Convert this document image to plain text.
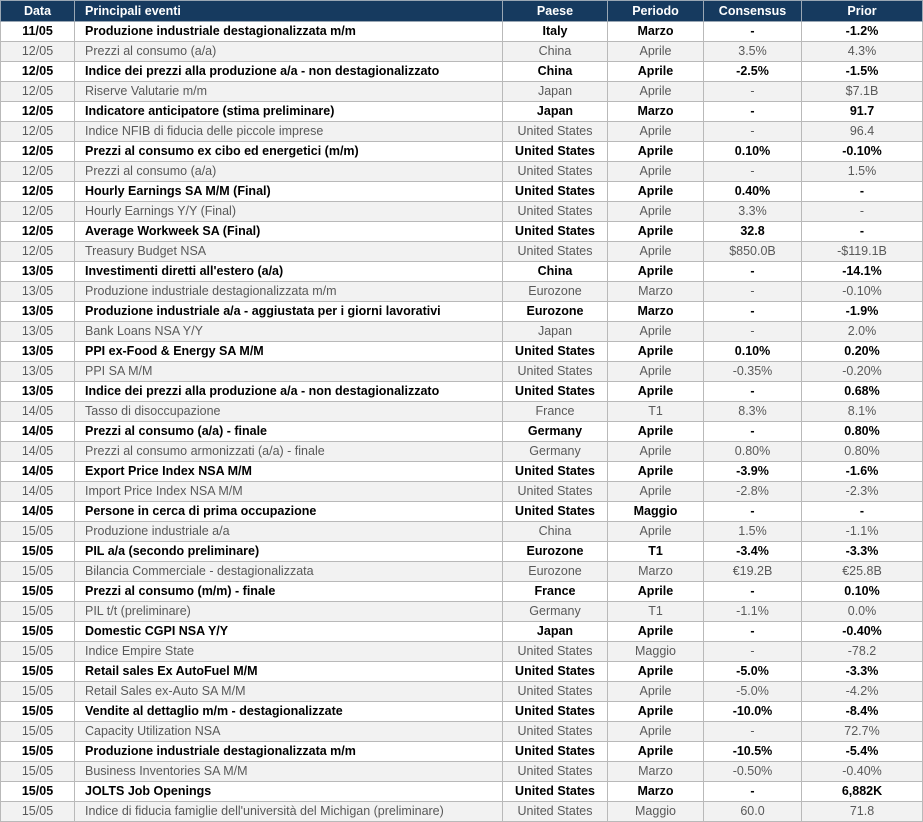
Data	Principali eventi	Paese	Periodo	Consensus	Prior
11/05	Produzione industriale destagionalizzata m/m	Italy	Marzo	-	-1.2%
12/05	Prezzi al consumo (a/a)	China	Aprile	3.5%	4.3%
12/05	Indice dei prezzi alla produzione a/a - non destagionalizzato	China	Aprile	-2.5%	-1.5%
12/05	Riserve Valutarie m/m	Japan	Aprile	-	$7.1B
12/05	Indicatore anticipatore (stima preliminare)	Japan	Marzo	-	91.7
12/05	Indice NFIB di fiducia delle piccole imprese	United States	Aprile	-	96.4
12/05	Prezzi al consumo ex cibo ed energetici (m/m)	United States	Aprile	0.10%	-0.10%
12/05	Prezzi al consumo (a/a)	United States	Aprile	-	1.5%
12/05	Hourly Earnings SA M/M (Final)	United States	Aprile	0.40%	-
12/05	Hourly Earnings Y/Y (Final)	United States	Aprile	3.3%	-
12/05	Average Workweek SA (Final)	United States	Aprile	32.8	-
12/05	Treasury Budget NSA	United States	Aprile	$850.0B	-$119.1B
13/05	Investimenti diretti all'estero (a/a)	China	Aprile	-	-14.1%
13/05	Produzione industriale destagionalizzata m/m	Eurozone	Marzo	-	-0.10%
13/05	Produzione industriale a/a - aggiustata per i giorni lavorativi	Eurozone	Marzo	-	-1.9%
13/05	Bank Loans NSA Y/Y	Japan	Aprile	-	2.0%
13/05	PPI ex-Food & Energy SA M/M	United States	Aprile	0.10%	0.20%
13/05	PPI SA M/M	United States	Aprile	-0.35%	-0.20%
13/05	Indice dei prezzi alla produzione a/a - non destagionalizzato	United States	Aprile	-	0.68%
14/05	Tasso di disoccupazione	France	T1	8.3%	8.1%
14/05	Prezzi al consumo (a/a) - finale	Germany	Aprile	-	0.80%
14/05	Prezzi al consumo armonizzati (a/a) - finale	Germany	Aprile	0.80%	0.80%
14/05	Export Price Index NSA M/M	United States	Aprile	-3.9%	-1.6%
14/05	Import Price Index NSA M/M	United States	Aprile	-2.8%	-2.3%
14/05	Persone in cerca di prima occupazione	United States	Maggio	-	-
15/05	Produzione industriale a/a	China	Aprile	1.5%	-1.1%
15/05	PIL a/a (secondo preliminare)	Eurozone	T1	-3.4%	-3.3%
15/05	Bilancia Commerciale - destagionalizzata	Eurozone	Marzo	€19.2B	€25.8B
15/05	Prezzi al consumo (m/m) - finale	France	Aprile	-	0.10%
15/05	PIL t/t (preliminare)	Germany	T1	-1.1%	0.0%
15/05	Domestic CGPI NSA Y/Y	Japan	Aprile	-	-0.40%
15/05	Indice Empire State	United States	Maggio	-	-78.2
15/05	Retail sales Ex AutoFuel M/M	United States	Aprile	-5.0%	-3.3%
15/05	Retail Sales ex-Auto SA M/M	United States	Aprile	-5.0%	-4.2%
15/05	Vendite al dettaglio m/m - destagionalizzate	United States	Aprile	-10.0%	-8.4%
15/05	Capacity Utilization NSA	United States	Aprile	-	72.7%
15/05	Produzione industriale destagionalizzata m/m	United States	Aprile	-10.5%	-5.4%
15/05	Business Inventories SA M/M	United States	Marzo	-0.50%	-0.40%
15/05	JOLTS Job Openings	United States	Marzo	-	6,882K
15/05	Indice di fiducia famiglie dell'università del Michigan (preliminare)	United States	Maggio	60.0	71.8
